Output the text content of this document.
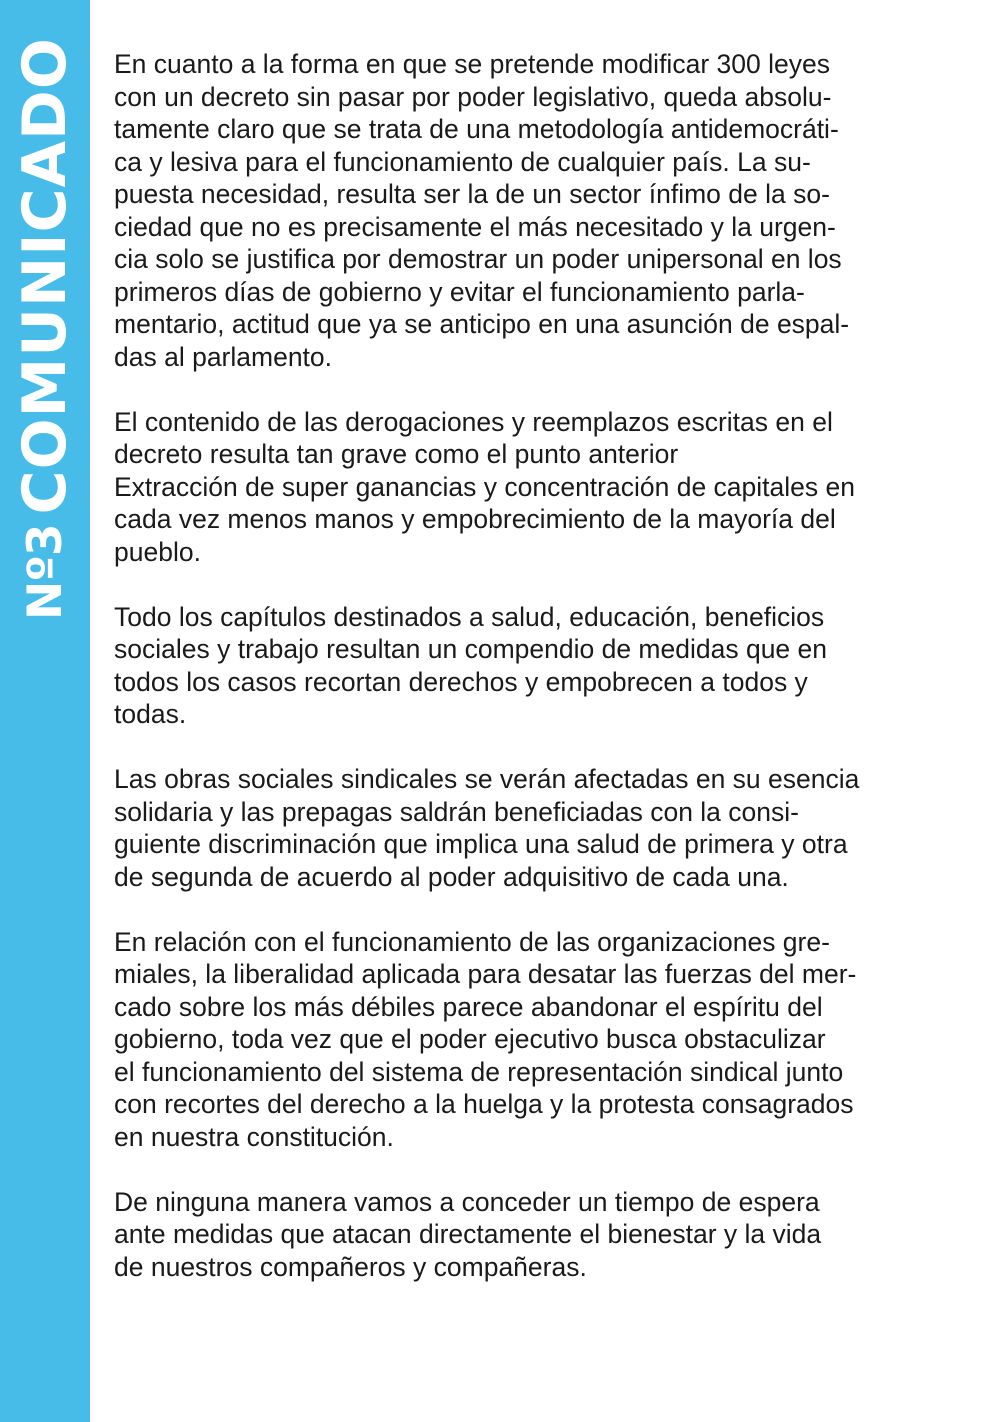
Nº3
COMUNICADO En cuanto a la forma en que se pretende modificar 300 leyes
con un decreto sin pasar por poder legislativo, queda absolu-
tamente claro que se trata de una metodología antidemocráti-
ca y lesiva para el funcionamiento de cualquier país. La su-
puesta necesidad, resulta ser la de un sector ínfimo de la so-
ciedad que no es precisamente el más necesitado y la urgen-
cia solo se justifica por demostrar un poder unipersonal en los
primeros días de gobierno y evitar el funcionamiento parla-
mentario, actitud que ya se anticipo en una asunción de espal-
das al parlamento.

El contenido de las derogaciones y reemplazos escritas en el
decreto resulta tan grave como el punto anterior
Extracción de super ganancias y concentración de capitales en
cada vez menos manos y empobrecimiento de la mayoría del
pueblo.

Todo los capítulos destinados a salud, educación, beneficios
sociales y trabajo resultan un compendio de medidas que en
todos los casos recortan derechos y empobrecen a todos y
todas.

Las obras sociales sindicales se verán afectadas en su esencia
solidaria y las prepagas saldrán beneficiadas con la consi-
guiente discriminación que implica una salud de primera y otra
de segunda de acuerdo al poder adquisitivo de cada una.

En relación con el funcionamiento de las organizaciones gre-
miales, la liberalidad aplicada para desatar las fuerzas del mer-
cado sobre los más débiles parece abandonar el espíritu del
gobierno, toda vez que el poder ejecutivo busca obstaculizar
el funcionamiento del sistema de representación sindical junto
con recortes del derecho a la huelga y la protesta consagrados
en nuestra constitución.

De ninguna manera vamos a conceder un tiempo de espera
ante medidas que atacan directamente el bienestar y la vida
de nuestros compañeros y compañeras.
